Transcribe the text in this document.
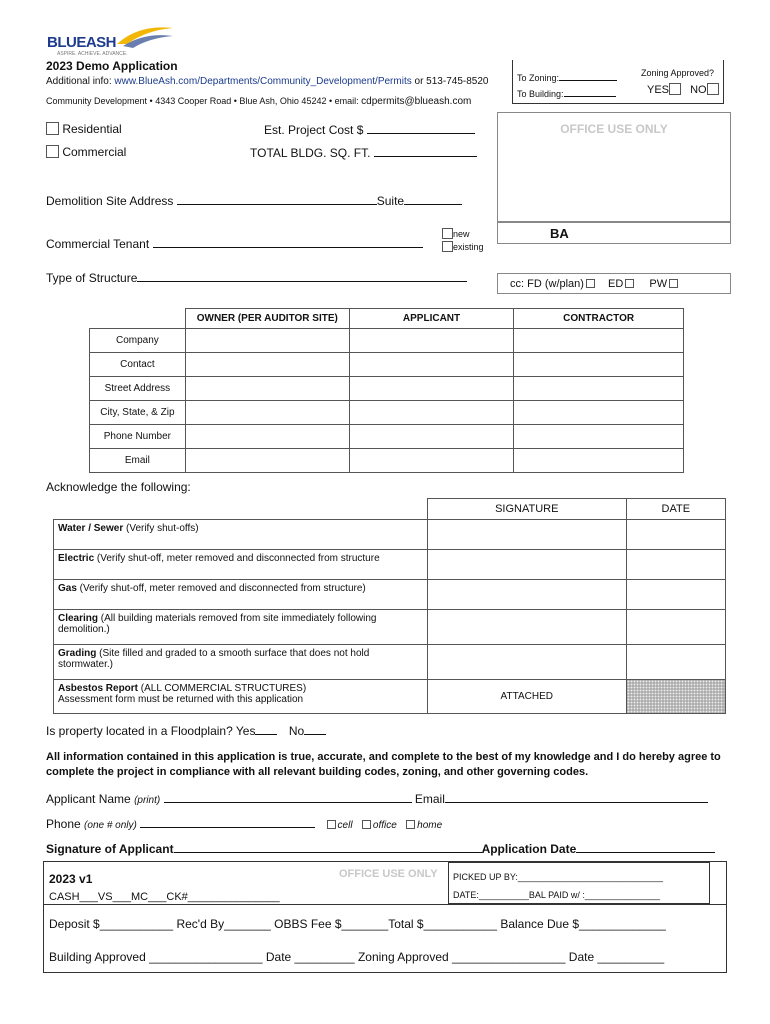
BLUEASH
ASPIRE. ACHIEVE. ADVANCE.
2023 Demo Application
Additional info: www.BlueAsh.com/Departments/Community_Development/Permits or 513-745-8520
Community Development • 4343 Cooper Road • Blue Ash, Ohio 45242 • email: cdpermits@blueash.com
To Zoning:
To Building:
Zoning Approved?
YES NO
Residential
Commercial
Est. Project Cost $
TOTAL BLDG. SQ. FT.
OFFICE USE ONLY
BA
cc: FD (w/plan) ED PW
Demolition Site Address	Suite
Commercial Tenant
new
existing
Type of Structure
	OWNER (PER AUDITOR SITE)	APPLICANT	CONTRACTOR
Company			
Contact			
Street Address			
City, State, & Zip			
Phone Number			
Email			
Acknowledge the following:
	SIGNATURE	DATE
Water / Sewer (Verify shut-offs)		
Electric (Verify shut-off, meter removed and disconnected from structure		
Gas (Verify shut-off, meter removed and disconnected from structure)		
Clearing (All building materials removed from site immediately following demolition.)		
Grading (Site filled and graded to a smooth surface that does not hold stormwater.)		
Asbestos Report (ALL COMMERCIAL STRUCTURES)
Assessment form must be returned with this application	ATTACHED	
Is property located in a Floodplain? Yes	No
All information contained in this application is true, accurate, and complete to the best of my knowledge and I do hereby agree to complete the project in compliance with all relevant building codes, zoning, and other governing codes.
Applicant Name (print)	Email
Phone (one # only)	cell office home
Signature of Applicant	Application Date
2023 v1	OFFICE USE ONLY
CASH___VS___MC___CK#_______________
PICKED UP BY:_____________________________
DATE:__________BAL PAID w/ :_______________
Deposit $___________ Rec'd By_______ OBBS Fee $_______Total $___________ Balance Due $_____________
Building Approved _________________ Date _________ Zoning Approved _________________ Date __________
